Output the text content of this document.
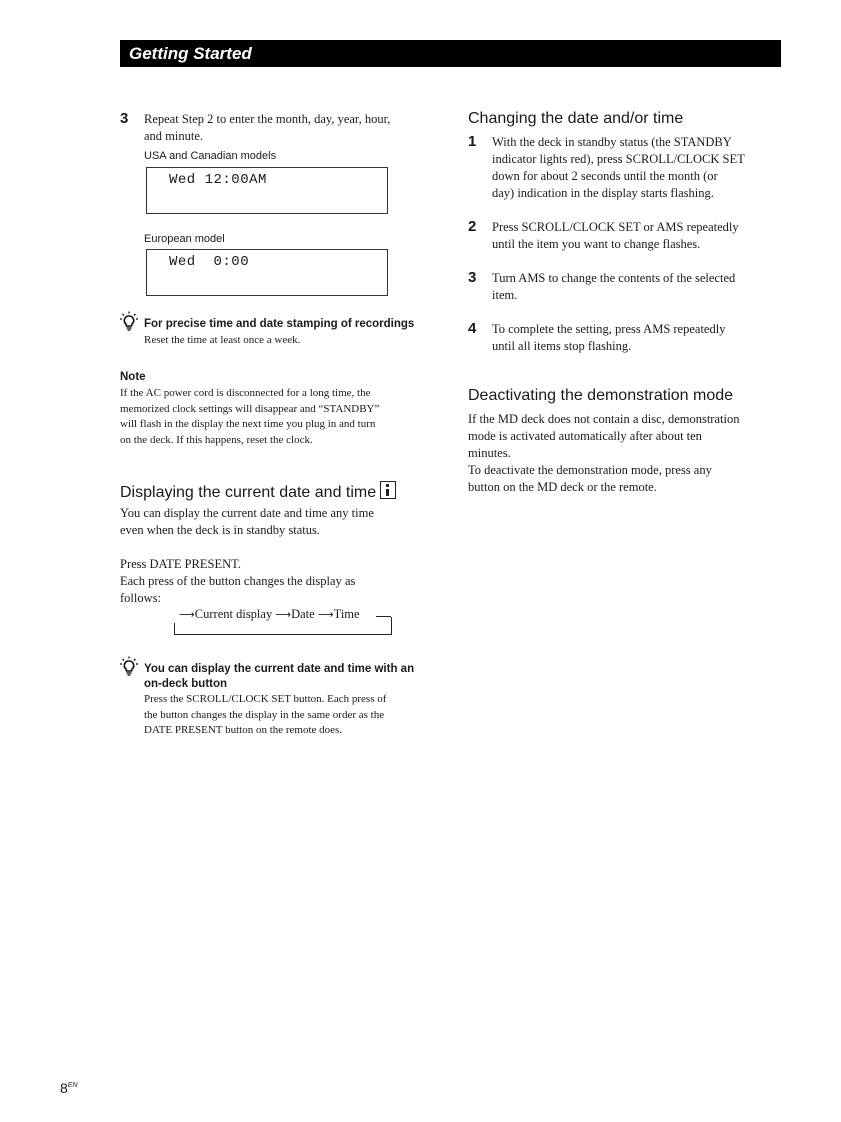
Getting Started
3 Repeat Step 2 to enter the month, day, year, hour,
and minute.
USA and Canadian models
Wed 12:00AM
European model
Wed  0:00
For precise time and date stamping of recordings
Reset the time at least once a week.
Note
If the AC power cord is disconnected for a long time, the
memorized clock settings will disappear and “STANDBY”
will flash in the display the next time you plug in and turn
on the deck. If this happens, reset the clock.
Displaying the current date and time
You can display the current date and time any time
even when the deck is in standby status.
Press DATE PRESENT.
Each press of the button changes the display as
follows:
⟶Current display ⟶Date ⟶Time
You can display the current date and time with an
on-deck button
Press the SCROLL/CLOCK SET button. Each press of
the button changes the display in the same order as the
DATE PRESENT button on the remote does.
Changing the date and/or time
1 With the deck in standby status (the STANDBY
indicator lights red), press SCROLL/CLOCK SET
down for about 2 seconds until the month (or
day) indication in the display starts flashing.
2 Press SCROLL/CLOCK SET or AMS repeatedly
until the item you want to change flashes.
3 Turn AMS to change the contents of the selected
item.
4 To complete the setting, press AMS repeatedly
until all items stop flashing.
Deactivating the demonstration mode
If the MD deck does not contain a disc, demonstration
mode is activated automatically after about ten
minutes.
To deactivate the demonstration mode, press any
button on the MD deck or the remote.
$8^{EN}$
